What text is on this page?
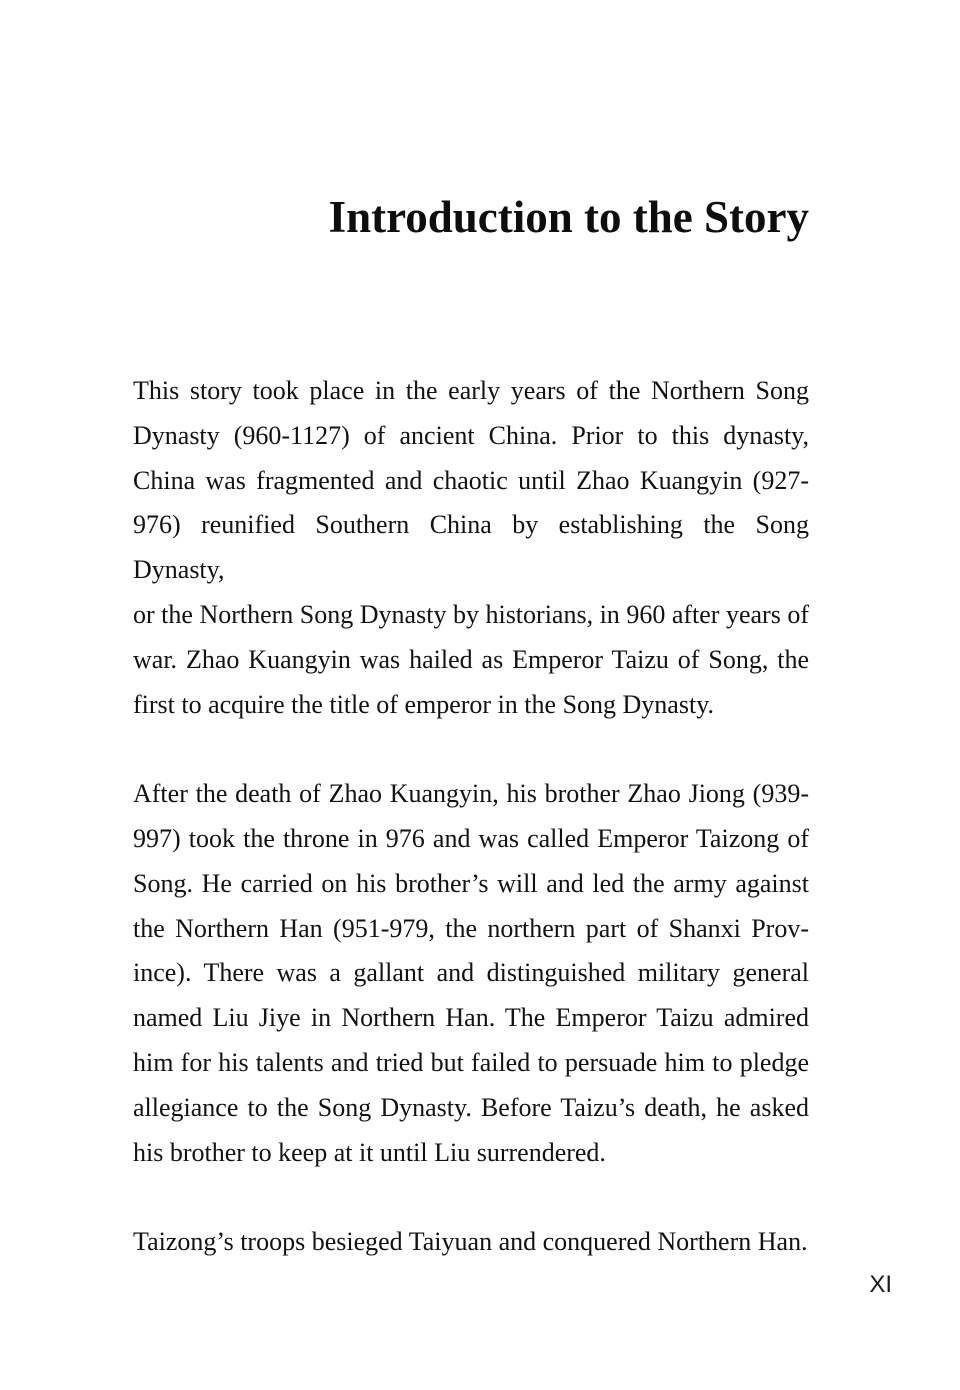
Introduction to the Story
This story took place in the early years of the Northern Song
Dynasty (960-1127) of ancient China. Prior to this dynasty,
China was fragmented and chaotic until Zhao Kuangyin (927-
976) reunified Southern China by establishing the Song Dynasty,
or the Northern Song Dynasty by historians, in 960 after years of
war. Zhao Kuangyin was hailed as Emperor Taizu of Song, the
first to acquire the title of emperor in the Song Dynasty.
After the death of Zhao Kuangyin, his brother Zhao Jiong (939-
997) took the throne in 976 and was called Emperor Taizong of
Song. He carried on his brother’s will and led the army against
the Northern Han (951-979, the northern part of Shanxi Prov-
ince). There was a gallant and distinguished military general
named Liu Jiye in Northern Han. The Emperor Taizu admired
him for his talents and tried but failed to persuade him to pledge
allegiance to the Song Dynasty. Before Taizu’s death, he asked
his brother to keep at it until Liu surrendered.
Taizong’s troops besieged Taiyuan and conquered Northern Han.
XI
